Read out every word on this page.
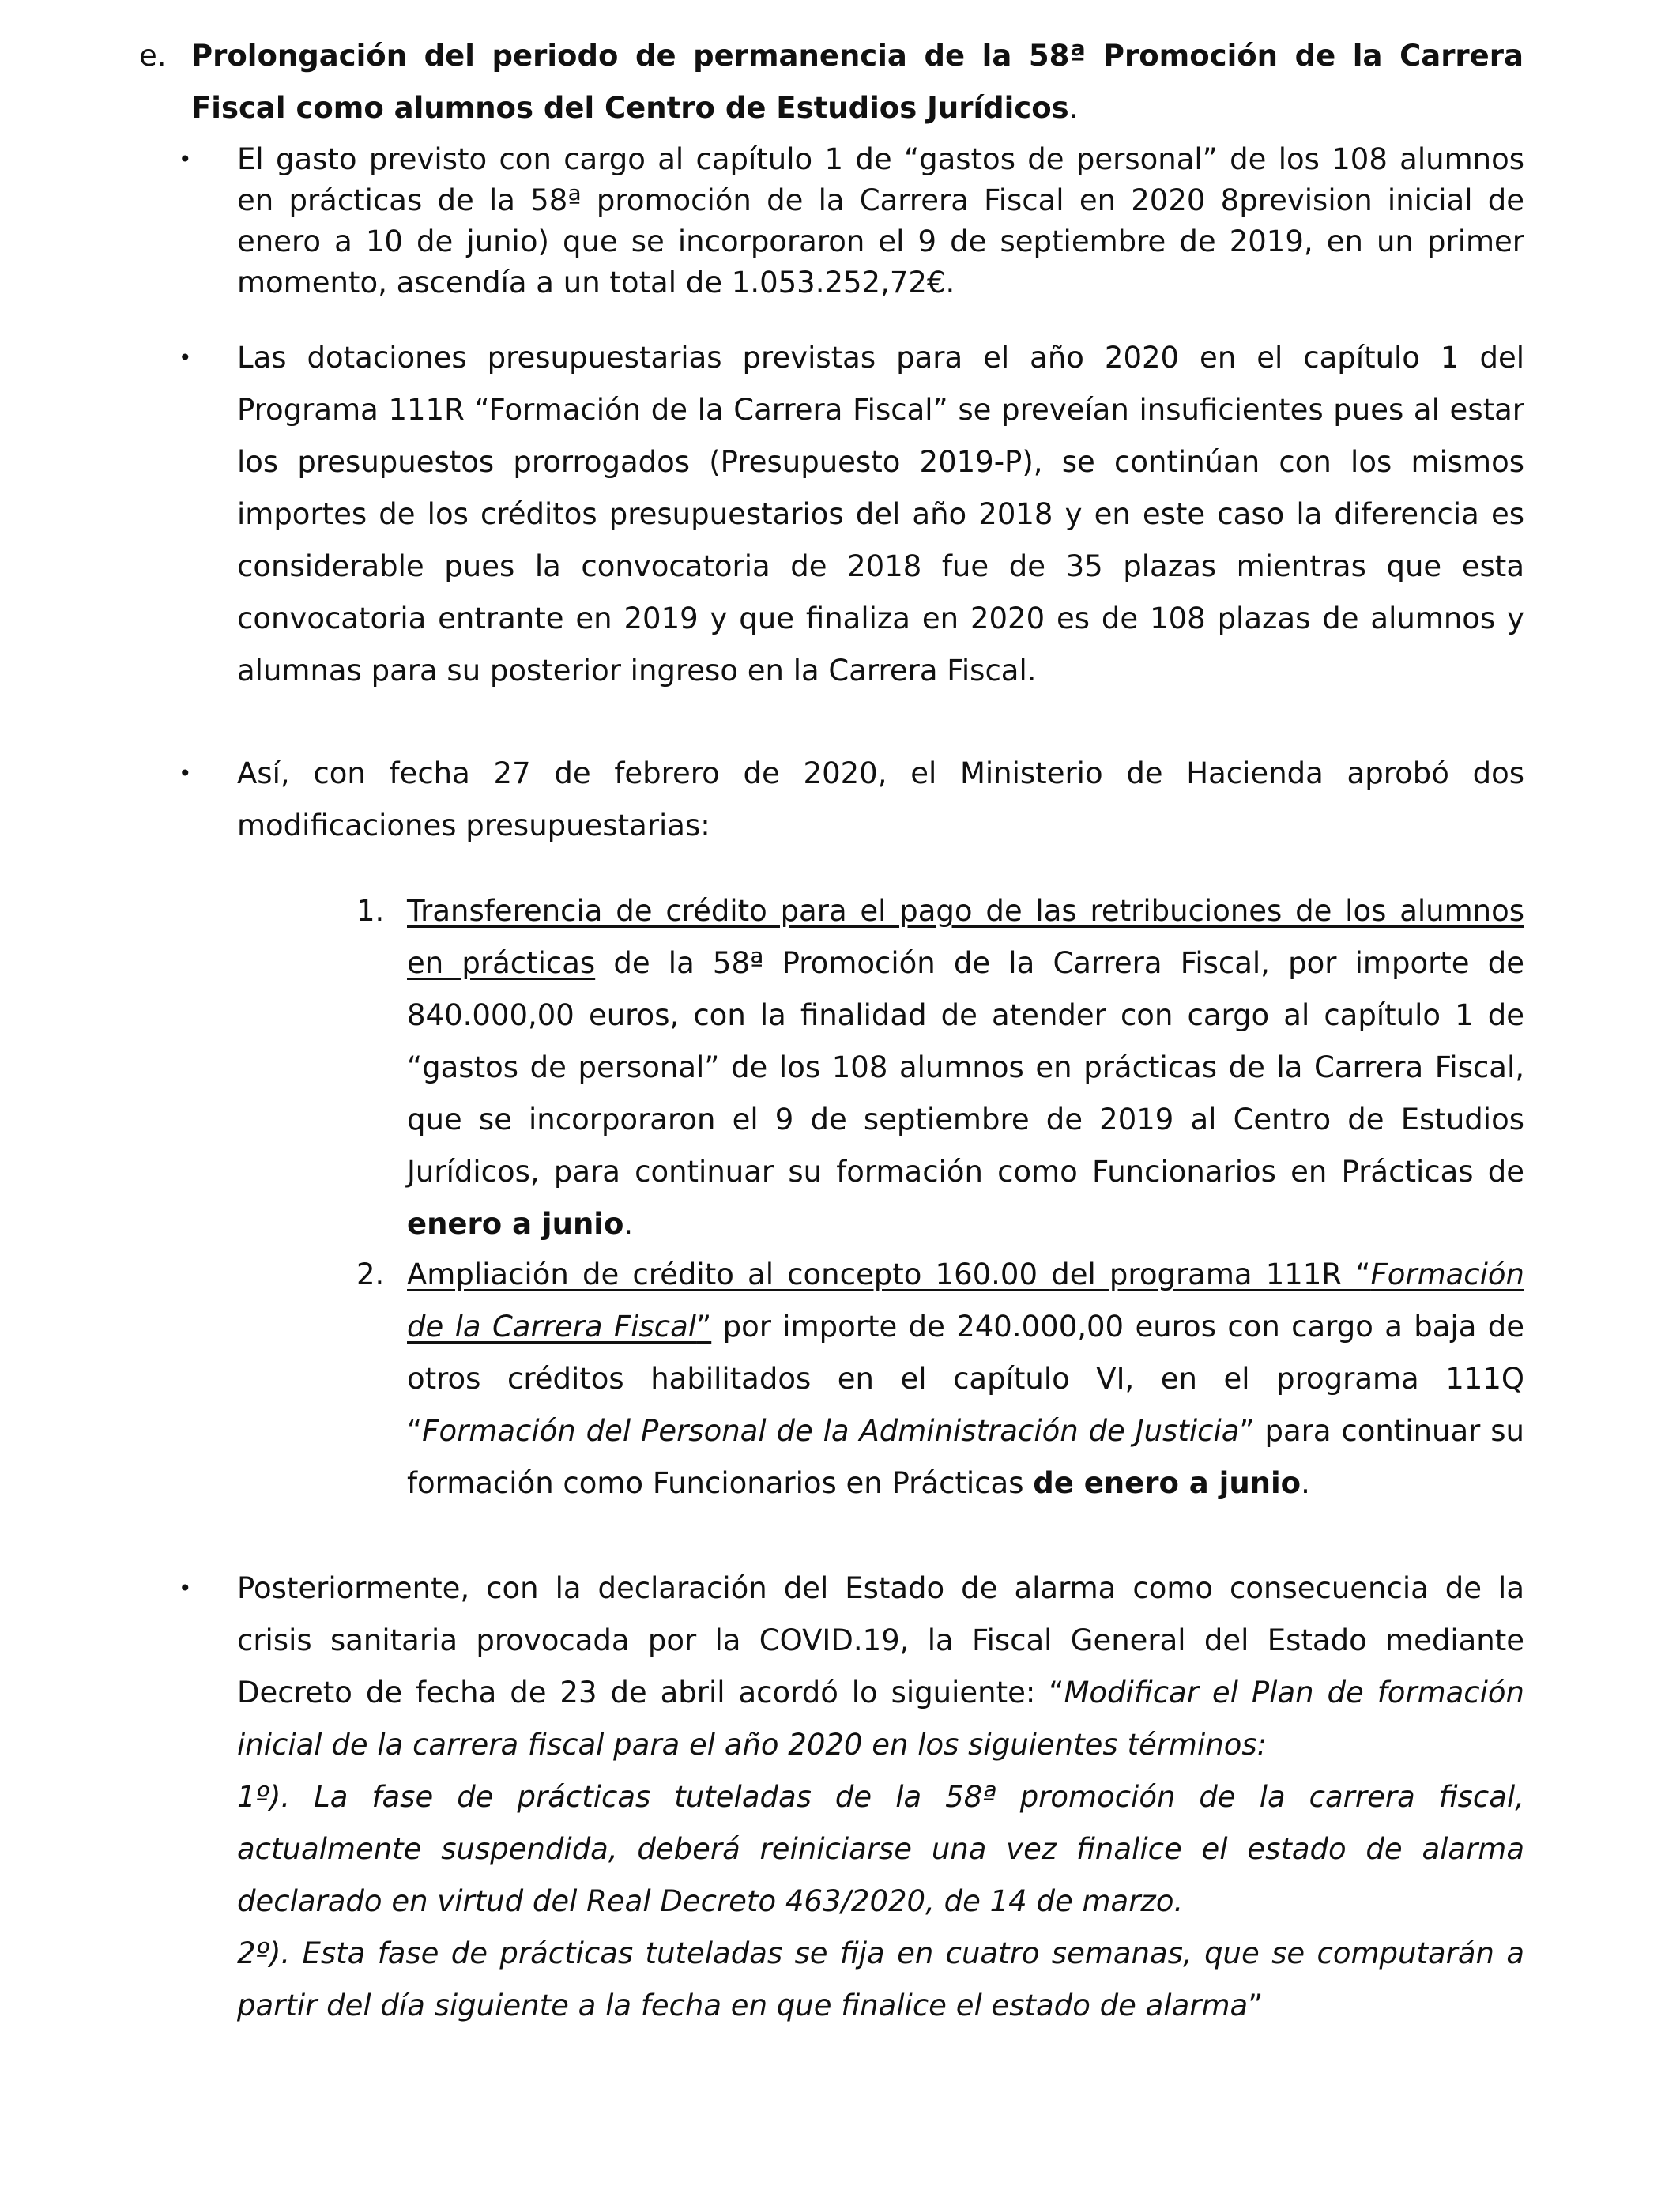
e. Prolongación del periodo de permanencia de la 58ª Promoción de la Carrera Fiscal como alumnos del Centro de Estudios Jurídicos.
• El gasto previsto con cargo al capítulo 1 de “gastos de personal” de los 108 alumnos en prácticas de la 58ª promoción de la Carrera Fiscal en 2020 8prevision inicial de enero a 10 de junio) que se incorporaron el 9 de septiembre de 2019, en un primer momento, ascendía a un total de 1.053.252,72€.
• Las dotaciones presupuestarias previstas para el año 2020 en el capítulo 1 del Programa 111R “Formación de la Carrera Fiscal” se preveían insuficientes pues al estar los presupuestos prorrogados (Presupuesto 2019-P), se continúan con los mismos importes de los créditos presupuestarios del año 2018 y en este caso la diferencia es considerable pues la convocatoria de 2018 fue de 35 plazas mientras que esta convocatoria entrante en 2019 y que finaliza en 2020 es de 108 plazas de alumnos y alumnas para su posterior ingreso en la Carrera Fiscal.
• Así, con fecha 27 de febrero de 2020, el Ministerio de Hacienda aprobó dos modificaciones presupuestarias:
1. Transferencia de crédito para el pago de las retribuciones de los alumnos en prácticas de la 58ª Promoción de la Carrera Fiscal, por importe de 840.000,00 euros, con la finalidad de atender con cargo al capítulo 1 de “gastos de personal” de los 108 alumnos en prácticas de la Carrera Fiscal, que se incorporaron el 9 de septiembre de 2019 al Centro de Estudios Jurídicos, para continuar su formación como Funcionarios en Prácticas de enero a junio.
2. Ampliación de crédito al concepto 160.00 del programa 111R “Formación de la Carrera Fiscal” por importe de 240.000,00 euros con cargo a baja de otros créditos habilitados en el capítulo VI, en el programa 111Q “Formación del Personal de la Administración de Justicia” para continuar su formación como Funcionarios en Prácticas de enero a junio.
• Posteriormente, con la declaración del Estado de alarma como consecuencia de la crisis sanitaria provocada por la COVID.19, la Fiscal General del Estado mediante Decreto de fecha de 23 de abril acordó lo siguiente: “Modificar el Plan de formación inicial de la carrera fiscal para el año 2020 en los siguientes términos:

1º). La fase de prácticas tuteladas de la 58ª promoción de la carrera fiscal, actualmente suspendida, deberá reiniciarse una vez finalice el estado de alarma declarado en virtud del Real Decreto 463/2020, de 14 de marzo.

2º). Esta fase de prácticas tuteladas se fija en cuatro semanas, que se computarán a partir del día siguiente a la fecha en que finalice el estado de alarma”
